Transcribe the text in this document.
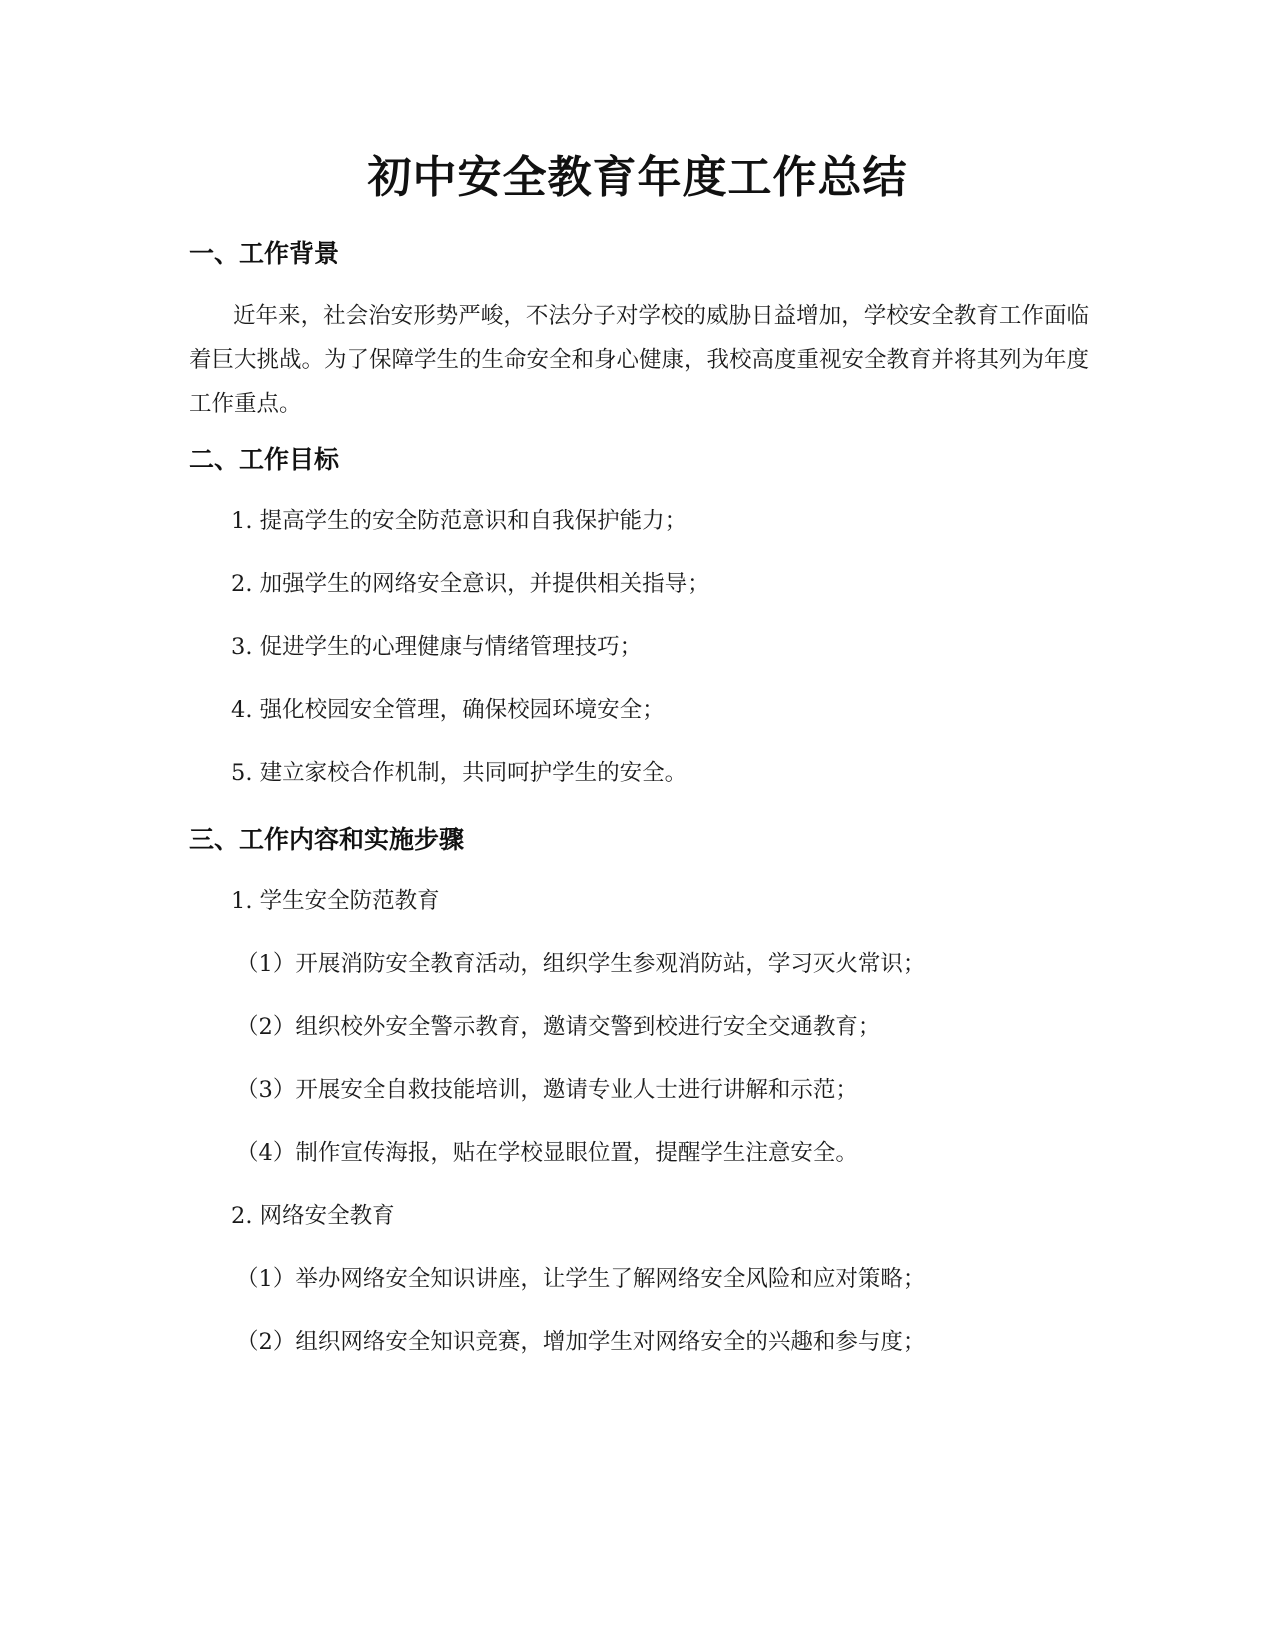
初中安全教育年度工作总结
一、工作背景

近年来，社会治安形势严峻，不法分子对学校的威胁日益增加，学校安全教育工作面临着巨大挑战。为了保障学生的生命安全和身心健康，我校高度重视安全教育并将其列为年度工作重点。

二、工作目标

1. 提高学生的安全防范意识和自我保护能力；

2. 加强学生的网络安全意识，并提供相关指导；

3. 促进学生的心理健康与情绪管理技巧；

4. 强化校园安全管理，确保校园环境安全；

5. 建立家校合作机制，共同呵护学生的安全。

三、工作内容和实施步骤

1. 学生安全防范教育

（1）开展消防安全教育活动，组织学生参观消防站，学习灭火常识；

（2）组织校外安全警示教育，邀请交警到校进行安全交通教育；

（3）开展安全自救技能培训，邀请专业人士进行讲解和示范；

（4）制作宣传海报，贴在学校显眼位置，提醒学生注意安全。

2. 网络安全教育

（1）举办网络安全知识讲座，让学生了解网络安全风险和应对策略；

（2）组织网络安全知识竞赛，增加学生对网络安全的兴趣和参与度；
